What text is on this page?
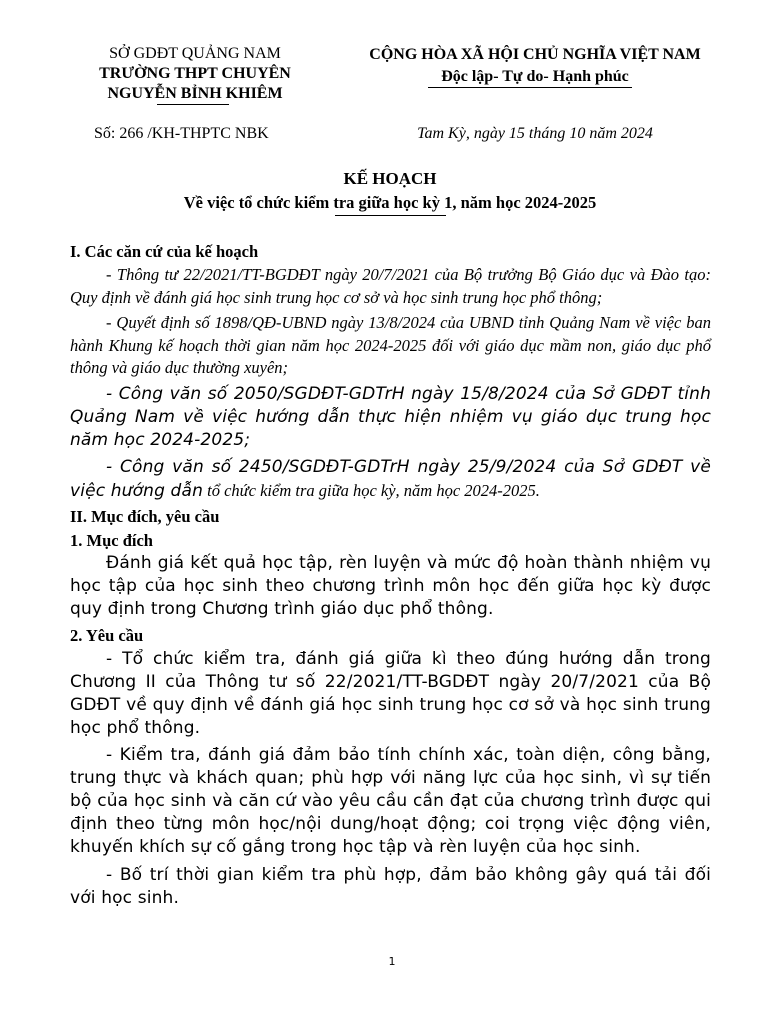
SỞ GDĐT QUẢNG NAM
TRƯỜNG THPT CHUYÊN
NGUYỄN BỈNH KHIÊM
Số: 266 /KH-THPTC NBK
CỘNG HÒA XÃ HỘI CHỦ NGHĨA VIỆT NAM
Độc lập- Tự do- Hạnh phúc
Tam Kỳ, ngày 15 tháng 10 năm 2024
KẾ HOẠCH
Về việc tổ chức kiểm tra giữa học kỳ 1, năm học 2024-2025
I. Các căn cứ của kế hoạch
- Thông tư 22/2021/TT-BGDĐT ngày 20/7/2021 của Bộ trưởng Bộ Giáo dục và Đào tạo: Quy định về đánh giá học sinh trung học cơ sở và học sinh trung học phổ thông;
- Quyết định số 1898/QĐ-UBND ngày 13/8/2024 của UBND tỉnh Quảng Nam về việc ban hành Khung kế hoạch thời gian năm học 2024-2025 đối với giáo dục mầm non, giáo dục phổ thông và giáo dục thường xuyên;
- Công văn số 2050/SGDĐT-GDTrH ngày 15/8/2024 của Sở GDĐT tỉnh Quảng Nam về việc hướng dẫn thực hiện nhiệm vụ giáo dục trung học năm học 2024-2025;
- Công văn số 2450/SGDĐT-GDTrH ngày 25/9/2024 của Sở GDĐT về việc hướng dẫn tổ chức kiểm tra giữa học kỳ, năm học 2024-2025.
II. Mục đích, yêu cầu
1. Mục đích
Đánh giá kết quả học tập, rèn luyện và mức độ hoàn thành nhiệm vụ học tập của học sinh theo chương trình môn học đến giữa học kỳ được quy định trong Chương trình giáo dục phổ thông.
2. Yêu cầu
- Tổ chức kiểm tra, đánh giá giữa kì theo đúng hướng dẫn trong Chương II của Thông tư số 22/2021/TT-BGDĐT ngày 20/7/2021 của Bộ GDĐT về quy định về đánh giá học sinh trung học cơ sở và học sinh trung học phổ thông.
- Kiểm tra, đánh giá đảm bảo tính chính xác, toàn diện, công bằng, trung thực và khách quan; phù hợp với năng lực của học sinh, vì sự tiến bộ của học sinh và căn cứ vào yêu cầu cần đạt của chương trình được qui định theo từng môn học/nội dung/hoạt động; coi trọng việc động viên, khuyến khích sự cố gắng trong học tập và rèn luyện của học sinh.
- Bố trí thời gian kiểm tra phù hợp, đảm bảo không gây quá tải đối với học sinh.
1
